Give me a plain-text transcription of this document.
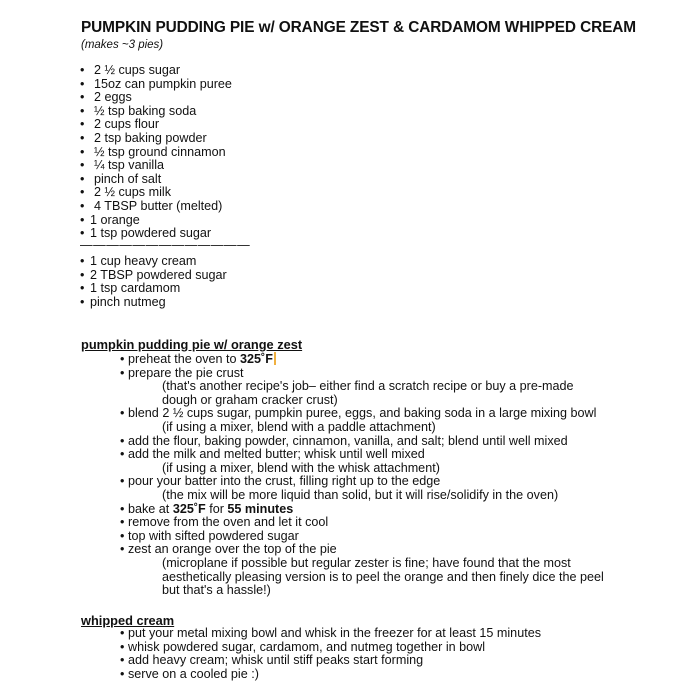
PUMPKIN PUDDING PIE w/ ORANGE ZEST & CARDAMOM WHIPPED CREAM
(makes ~3 pies)
• 2 ½ cups sugar
• 15oz can pumpkin puree
• 2 eggs
• ½ tsp baking soda
• 2 cups flour
• 2 tsp baking powder
• ½ tsp ground cinnamon
• ¼ tsp vanilla
• pinch of salt
• 2 ½ cups milk
• 4 TBSP butter (melted)
• 1 orange
• 1 tsp powdered sugar
—————————————
• 1 cup heavy cream
• 2 TBSP powdered sugar
• 1 tsp cardamom
• pinch nutmeg
pumpkin pudding pie w/ orange zest
• preheat the oven to 325˚F
• prepare the pie crust
(that's another recipe's job– either find a scratch recipe or buy a pre-made
dough or graham cracker crust)
• blend 2 ½ cups sugar, pumpkin puree, eggs, and baking soda in a large mixing bowl
(if using a mixer, blend with a paddle attachment)
• add the flour, baking powder, cinnamon, vanilla, and salt; blend until well mixed
• add the milk and melted butter; whisk until well mixed
(if using a mixer, blend with the whisk attachment)
• pour your batter into the crust, filling right up to the edge
(the mix will be more liquid than solid, but it will rise/solidify in the oven)
• bake at 325˚F for 55 minutes
• remove from the oven and let it cool
• top with sifted powdered sugar
• zest an orange over the top of the pie
(microplane if possible but regular zester is fine; have found that the most
aesthetically pleasing version is to peel the orange and then finely dice the peel
but that's a hassle!)
whipped cream
• put your metal mixing bowl and whisk in the freezer for at least 15 minutes
• whisk powdered sugar, cardamom, and nutmeg together in bowl
• add heavy cream; whisk until stiff peaks start forming
• serve on a cooled pie :)
